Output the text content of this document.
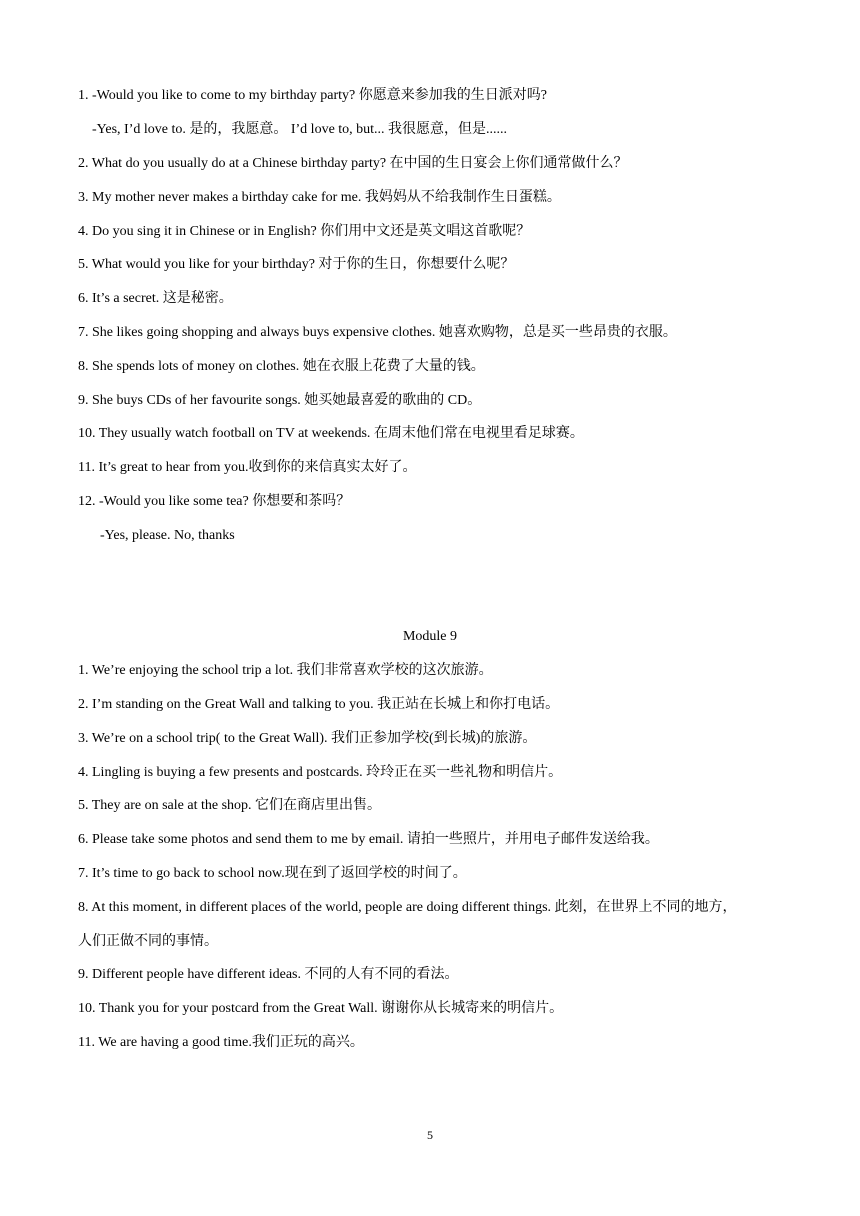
1. -Would you like to come to my birthday party? 你愿意来参加我的生日派对吗?
-Yes, I’d love to. 是的，我愿意。 I’d love to, but... 我很愿意，但是......
2. What do you usually do at a Chinese birthday party? 在中国的生日宴会上你们通常做什么？
3. My mother never makes a birthday cake for me. 我妈妈从不给我制作生日蛋糕。
4. Do you sing it in Chinese or in English? 你们用中文还是英文唱这首歌呢？
5. What would you like for your birthday? 对于你的生日，你想要什么呢？
6. It’s a secret. 这是秘密。
7. She likes going shopping and always buys expensive clothes. 她喜欢购物，总是买一些昂贵的衣服。
8. She spends lots of money on clothes. 她在衣服上花费了大量的钱。
9. She buys CDs of her favourite songs. 她买她最喜爱的歌曲的 CD。
10. They usually watch football on TV at weekends. 在周末他们常在电视里看足球赛。
11. It’s great to hear from you.收到你的来信真实太好了。
12. -Would you like some tea? 你想要和茶吗？
-Yes, please. No, thanks
Module 9
1. We’re enjoying the school trip a lot. 我们非常喜欢学校的这次旅游。
2. I’m standing on the Great Wall and talking to you. 我正站在长城上和你打电话。
3. We’re on a school trip( to the Great Wall). 我们正参加学校(到长城)的旅游。
4. Lingling is buying a few presents and postcards. 玲玲正在买一些礼物和明信片。
5. They are on sale at the shop. 它们在商店里出售。
6. Please take some photos and send them to me by email. 请拍一些照片，并用电子邮件发送给我。
7. It’s time to go back to school now.现在到了返回学校的时间了。
8. At this moment, in different places of the world, people are doing different things. 此刻，在世界上不同的地方，
人们正做不同的事情。
9. Different people have different ideas. 不同的人有不同的看法。
10. Thank you for your postcard from the Great Wall. 谢谢你从长城寄来的明信片。
11. We are having a good time.我们正玩的高兴。
5
